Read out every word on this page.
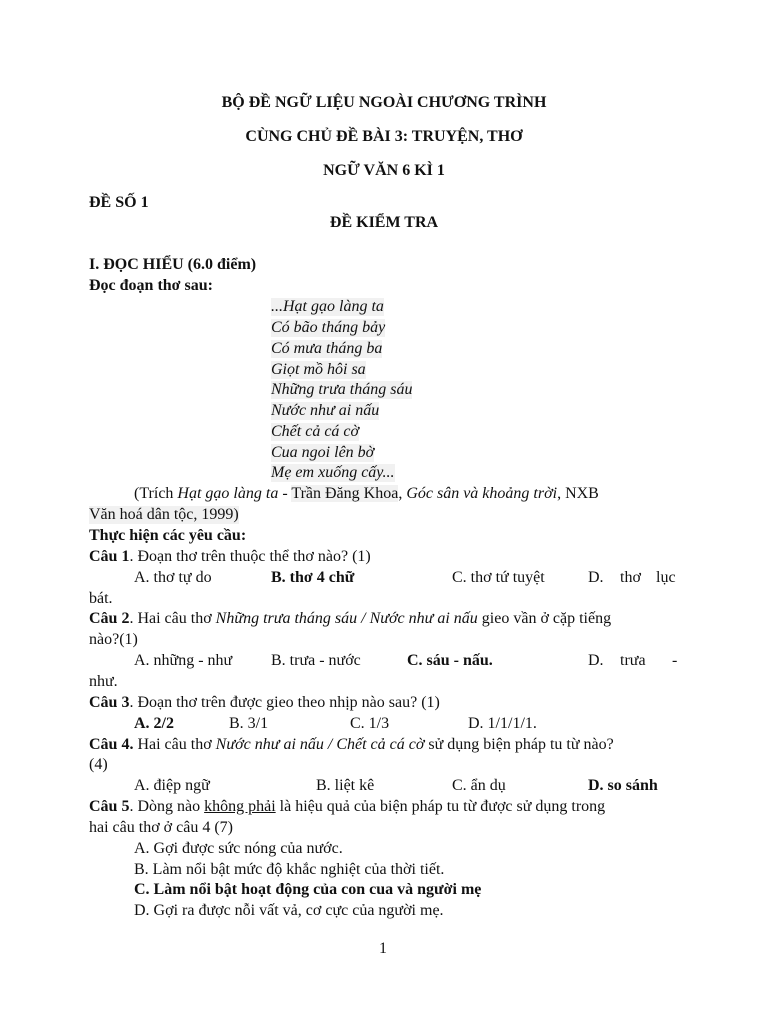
BỘ ĐỀ NGỮ LIỆU NGOÀI CHƯƠNG TRÌNH
CÙNG CHỦ ĐỀ BÀI 3: TRUYỆN, THƠ
NGỮ VĂN 6 KÌ 1
ĐỀ SỐ 1
ĐỀ KIỂM TRA
I. ĐỌC HIỂU (6.0 điểm)
Đọc đoạn thơ sau:
...Hạt gạo làng ta
Có bão tháng bảy
Có mưa tháng ba
Giọt mồ hôi sa
Những trưa tháng sáu
Nước như ai nấu
Chết cả cá cờ
Cua ngoi lên bờ
Mẹ em xuống cấy...
(Trích Hạt gạo làng ta - Trần Đăng Khoa, Góc sân và khoảng trời, NXB
Văn hoá dân tộc, 1999)
Thực hiện các yêu cầu:
Câu 1. Đoạn thơ trên thuộc thể thơ nào? (1)
A. thơ tự do	B. thơ 4 chữ	C. thơ tứ tuyệt	D. thơ lục
bát.
Câu 2. Hai câu thơ Những trưa tháng sáu / Nước như ai nấu gieo vần ở cặp tiếng
nào?(1)
A. những - như B. trưa - nước	C. sáu - nấu.	D. trưa -
như.
Câu 3. Đoạn thơ trên được gieo theo nhịp nào sau? (1)
A. 2/2	B. 3/1	C. 1/3	D. 1/1/1/1.
Câu 4. Hai câu thơ Nước như ai nấu / Chết cả cá cờ sử dụng biện pháp tu từ nào?
(4)
A. điệp ngữ	B. liệt kê	C. ẩn dụ	D. so sánh
Câu 5. Dòng nào không phải là hiệu quả của biện pháp tu từ được sử dụng trong
hai câu thơ ở câu 4 (7)
A. Gợi được sức nóng của nước.
B. Làm nổi bật mức độ khắc nghiệt của thời tiết.
C. Làm nổi bật hoạt động của con cua và người mẹ
D. Gợi ra được nỗi vất vả, cơ cực của người mẹ.
1
